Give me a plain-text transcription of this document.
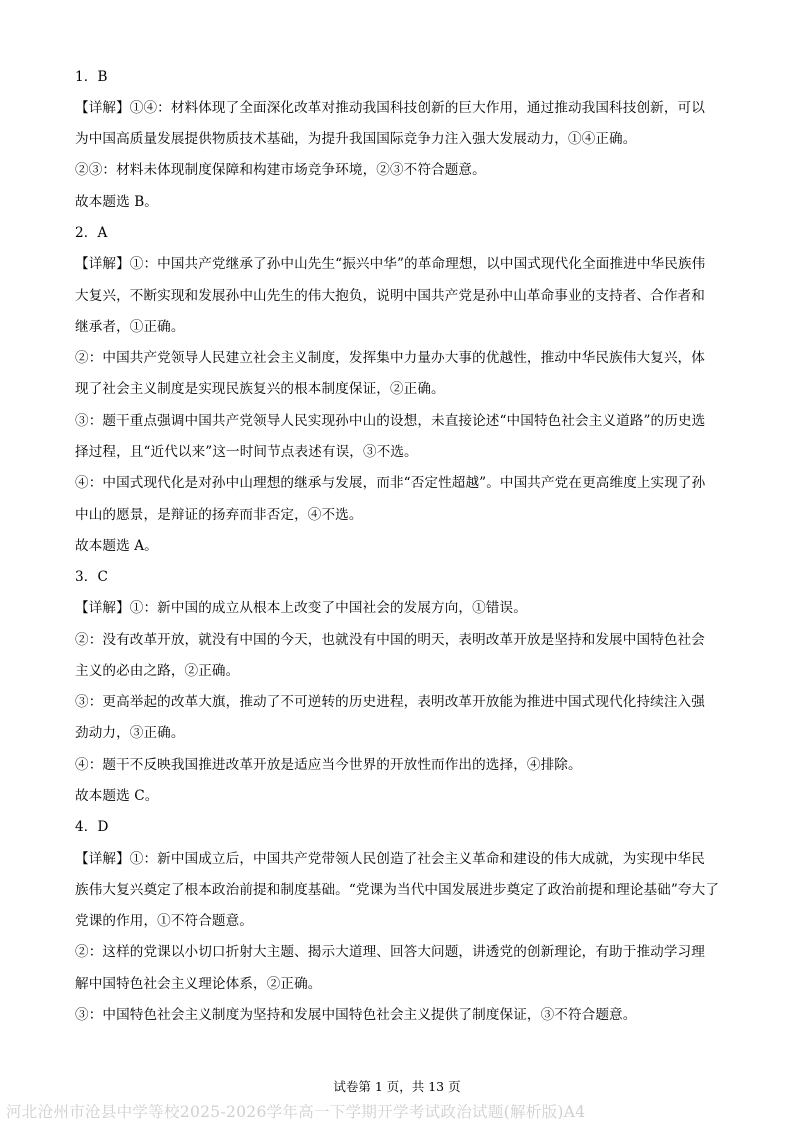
1．B
【详解】①④：材料体现了全面深化改革对推动我国科技创新的巨大作用，通过推动我国科技创新，可以
为中国高质量发展提供物质技术基础，为提升我国国际竞争力注入强大发展动力，①④正确。
②③：材料未体现制度保障和构建市场竞争环境，②③不符合题意。
故本题选 B。
2．A
【详解】①：中国共产党继承了孙中山先生“振兴中华”的革命理想，以中国式现代化全面推进中华民族伟
大复兴，不断实现和发展孙中山先生的伟大抱负，说明中国共产党是孙中山革命事业的支持者、合作者和
继承者，①正确。
②：中国共产党领导人民建立社会主义制度，发挥集中力量办大事的优越性，推动中华民族伟大复兴，体
现了社会主义制度是实现民族复兴的根本制度保证，②正确。
③：题干重点强调中国共产党领导人民实现孙中山的设想，未直接论述“中国特色社会主义道路”的历史选
择过程，且“近代以来”这一时间节点表述有误，③不选。
④：中国式现代化是对孙中山理想的继承与发展，而非“否定性超越”。中国共产党在更高维度上实现了孙
中山的愿景，是辩证的扬弃而非否定，④不选。
故本题选 A。
3．C
【详解】①：新中国的成立从根本上改变了中国社会的发展方向，①错误。
②：没有改革开放，就没有中国的今天，也就没有中国的明天，表明改革开放是坚持和发展中国特色社会
主义的必由之路，②正确。
③：更高举起的改革大旗，推动了不可逆转的历史进程，表明改革开放能为推进中国式现代化持续注入强
劲动力，③正确。
④：题干不反映我国推进改革开放是适应当今世界的开放性而作出的选择，④排除。
故本题选 C。
4．D
【详解】①：新中国成立后，中国共产党带领人民创造了社会主义革命和建设的伟大成就，为实现中华民
族伟大复兴奠定了根本政治前提和制度基础。“党课为当代中国发展进步奠定了政治前提和理论基础”夸大了
党课的作用，①不符合题意。
②：这样的党课以小切口折射大主题、揭示大道理、回答大问题，讲透党的创新理论，有助于推动学习理
解中国特色社会主义理论体系，②正确。
③：中国特色社会主义制度为坚持和发展中国特色社会主义提供了制度保证，③不符合题意。
试卷第 1 页，共 13 页
河北沧州市沧县中学等校2025-2026学年高一下学期开学考试政治试题(解析版)A4
